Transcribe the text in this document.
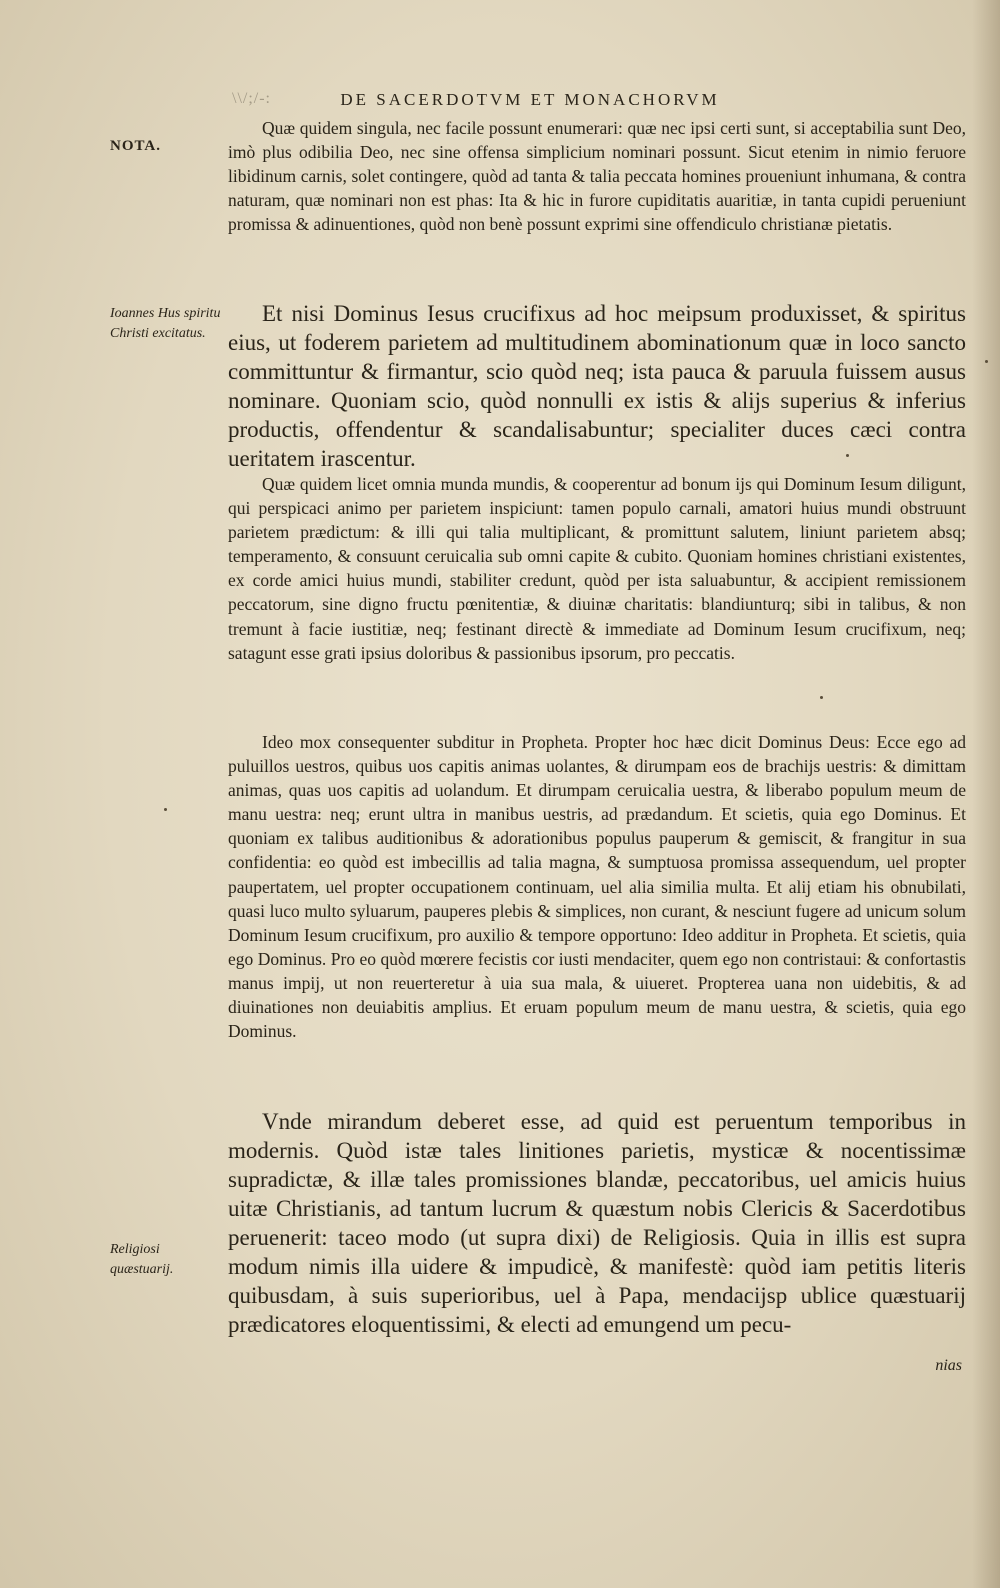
\\/;/-:	DE SACERDOTVM ET MONACHORVM
NOTA.
Ioannes Hus spiritu Christi excitatus.
Religiosi quæstuarij.

Quæ quidem singula, nec facile possunt enumerari: quæ nec ipsi certi sunt, si acceptabilia sunt Deo, imò plus odibilia Deo, nec sine offensa simplicium nominari possunt. Sicut etenim in nimio feruore libidinum carnis, solet contingere, quòd ad tanta & talia peccata homines proueniunt inhumana, & contra naturam, quæ nominari non est phas: Ita & hic in furore cupiditatis auaritiæ, in tanta cupidi perueniunt promissa & adinuentiones, quòd non benè possunt exprimi sine offendiculo christianæ pietatis.

Et nisi Dominus Iesus crucifixus ad hoc meipsum produxisset, & spiritus eius, ut foderem parietem ad multitudinem abominationum quæ in loco sancto committuntur & firmantur, scio quòd neq; ista pauca & paruula fuissem ausus nominare. Quoniam scio, quòd nonnulli ex istis & alijs superius & inferius productis, offendentur & scandalisabuntur; specialiter duces cæci contra ueritatem irascentur.

Quæ quidem licet omnia munda mundis, & cooperentur ad bonum ijs qui Dominum Iesum diligunt, qui perspicaci animo per parietem inspiciunt: tamen populo carnali, amatori huius mundi obstruunt parietem prædictum: & illi qui talia multiplicant, & promittunt salutem, liniunt parietem absq; temperamento, & consuunt ceruicalia sub omni capite & cubito. Quoniam homines christiani existentes, ex corde amici huius mundi, stabiliter credunt, quòd per ista saluabuntur, & accipient remissionem peccatorum, sine digno fructu pœnitentiæ, & diuinæ charitatis: blandiunturq; sibi in talibus, & non tremunt à facie iustitiæ, neq; festinant directè & immediate ad Dominum Iesum crucifixum, neq; satagunt esse grati ipsius doloribus & passionibus ipsorum, pro peccatis.

Ideo mox consequenter subditur in Propheta. Propter hoc hæc dicit Dominus Deus: Ecce ego ad puluillos uestros, quibus uos capitis animas uolantes, & dirumpam eos de brachijs uestris: & dimittam animas, quas uos capitis ad uolandum. Et dirumpam ceruicalia uestra, & liberabo populum meum de manu uestra: neq; erunt ultra in manibus uestris, ad prædandum. Et scietis, quia ego Dominus. Et quoniam ex talibus auditionibus & adorationibus populus pauperum & gemiscit, & frangitur in sua confidentia: eo quòd est imbecillis ad talia magna, & sumptuosa promissa assequendum, uel propter paupertatem, uel propter occupationem continuam, uel alia similia multa. Et alij etiam his obnubilati, quasi luco multo syluarum, pauperes plebis & simplices, non curant, & nesciunt fugere ad unicum solum Dominum Iesum crucifixum, pro auxilio & tempore opportuno: Ideo additur in Propheta. Et scietis, quia ego Dominus. Pro eo quòd mœrere fecistis cor iusti mendaciter, quem ego non contristaui: & confortastis manus impij, ut non reuerteretur à uia sua mala, & uiueret. Propterea uana non uidebitis, & ad diuinationes non deuiabitis amplius. Et eruam populum meum de manu uestra, & scietis, quia ego Dominus.

Vnde mirandum deberet esse, ad quid est peruentum temporibus in modernis. Quòd istæ tales linitiones parietis, mysticæ & nocentissimæ supradictæ, & illæ tales promissiones blandæ, peccatoribus, uel amicis huius uitæ Christianis, ad tantum lucrum & quæstum nobis Clericis & Sacerdotibus peruenerit: taceo modo (ut supra dixi) de Religiosis. Quia in illis est supra modum nimis illa uidere & impudicè, & manifestè: quòd iam petitis literis quibusdam, à suis superioribus, uel à Papa, mendacijsp ublice quæstuarij prædicatores eloquentissimi, & electi ad emungend um pecu-

nias
